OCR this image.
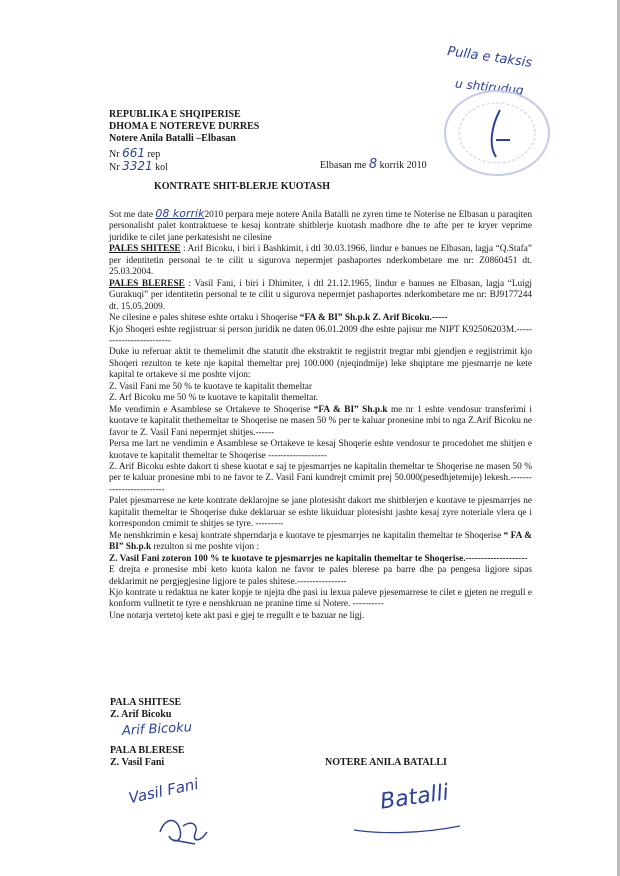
Pulla e taksis
u shtiruduq
REPUBLIKA E SHQIPERISE
DHOMA E NOTEREVE DURRES
Notere Anila Batalli –Elbasan
Nr 661 rep
Nr 3321 kol	Elbasan me 8 korrik 2010
KONTRATE SHIT-BLERJE KUOTASH

Sot me date 08 korrik2010 perpara meje notere Anila Batalli ne zyren time te Noterise ne Elbasan u paraqiten personalisht palet kontraktuese te kesaj kontrate shitblerje kuotash madhore dhe te afte per te kryer veprime juridike te cilet jane perkatesisht ne cilesine

PALES SHITESE : Arif Bicoku, i biri i Bashkimit, i dtl 30.03.1966, lindur e banues ne Elbasan, lagja “Q.Stafa” per identitetin personal te te cilit u sigurova nepermjet pashaportes nderkombetare me nr: Z0860451 dt. 25.03.2004.

PALES BLERESE : Vasil Fani, i biri i Dhimiter, i dtl 21.12.1965, lindur e banues ne Elbasan, lagja “Luigj Gurakuqi” per identitetin personal te te cilit u sigurova nepermjet pashaportes nderkombetare me nr: BJ9177244 dt. 15.05.2009.

Ne cilesine e pales shitese eshte ortaku i Shoqerise “FA & BI” Sh.p.k Z. Arif Bicoku.-----

Kjo Shoqeri eshte regjistruar si person juridik ne daten 06.01.2009 dhe eshte pajisur me NIPT K92506203M.-------------------------

Duke iu referuar aktit te themelimit dhe statutit dhe ekstraktit te regjistrit tregtar mbi gjendjen e regjistrimit kjo Shoqeri rezulton te kete nje kapital themeltar prej 100.000 (njeqindmije) leke shqiptare me pjesmarrje ne kete kapital te ortakeve si me poshte vijon:

Z. Vasil Fani me 50 % te kuotave te kapitalit themeltar

Z. Arf Bicoku me 50 % te kuotave te kapitalit themeltar.

Me vendimin e Asamblese se Ortakeve te Shoqerise “FA & BI” Sh.p.k me nr 1 eshte vendosur transferimi i kuotave te kapitalit thethemeltar te Shoqerise ne masen 50 % per te kaluar pronesine mbi to nga Z.Arif Bicoku ne favor te Z. Vasil Fani nepermjet shitjes.------

Persa me lart ne vendimin e Asamblese se Ortakeve te kesaj Shoqerie eshte vendosur te procedohet me shitjen e kuotave te kapitalit themeltar te Shoqerise -------------------

Z. Arif Bicoku eshte dakort ti shese kuotat e saj te pjesmarrjes ne kapitalin themeltar te Shoqerise ne masen 50 % per te kaluar pronesine mbi to ne favor te Z. Vasil Fani kundrejt cmimit prej 50.000(pesedhjetemije) lekesh.-------------------------

Palet pjesmarrese ne kete kontrate deklarojne se jane plotesisht dakort me shitblerjen e kuotave te pjesmarrjes ne kapitalit themeltar te Shoqerise duke deklaruar se eshte likuiduar plotesisht jashte kesaj zyre noteriale vlera qe i korrespondon cmimit te shitjes se tyre. ---------

Me nenshkrimin e kesaj kontrate shperndarja e kuotave te pjesmarrjes ne kapitalin themeltar te Shoqerise “ FA & BI” Sh.p.k rezulton si me poshte vijon :

Z. Vasil Fani zoteron 100 % te kuotave te pjesmarrjes ne kapitalin themeltar te Shoqerise.--------------------

E drejta e pronesise mbi keto kuota kalon ne favor te pales blerese pa barre dhe pa pengesa ligjore sipas deklarimit ne pergjegjesine ligjore te pales shitese.----------------

Kjo kontrate u redaktua ne kater kopje te njejta dhe pasi iu lexua paleve pjesemarrese te cilet e gjeten ne rregull e konform vullnetit te tyre e nenshkruan ne pranine time si Notere. ----------

Une notarja vertetoj kete akt pasi e gjej te rregullt e te bazuar ne ligj.

PALA SHITESE
Z. Arif Bicoku
Arif Bicoku
PALA BLERESE
Z. Vasil Fani
Vasil Fani
NOTERE ANILA BATALLI
Batalli
